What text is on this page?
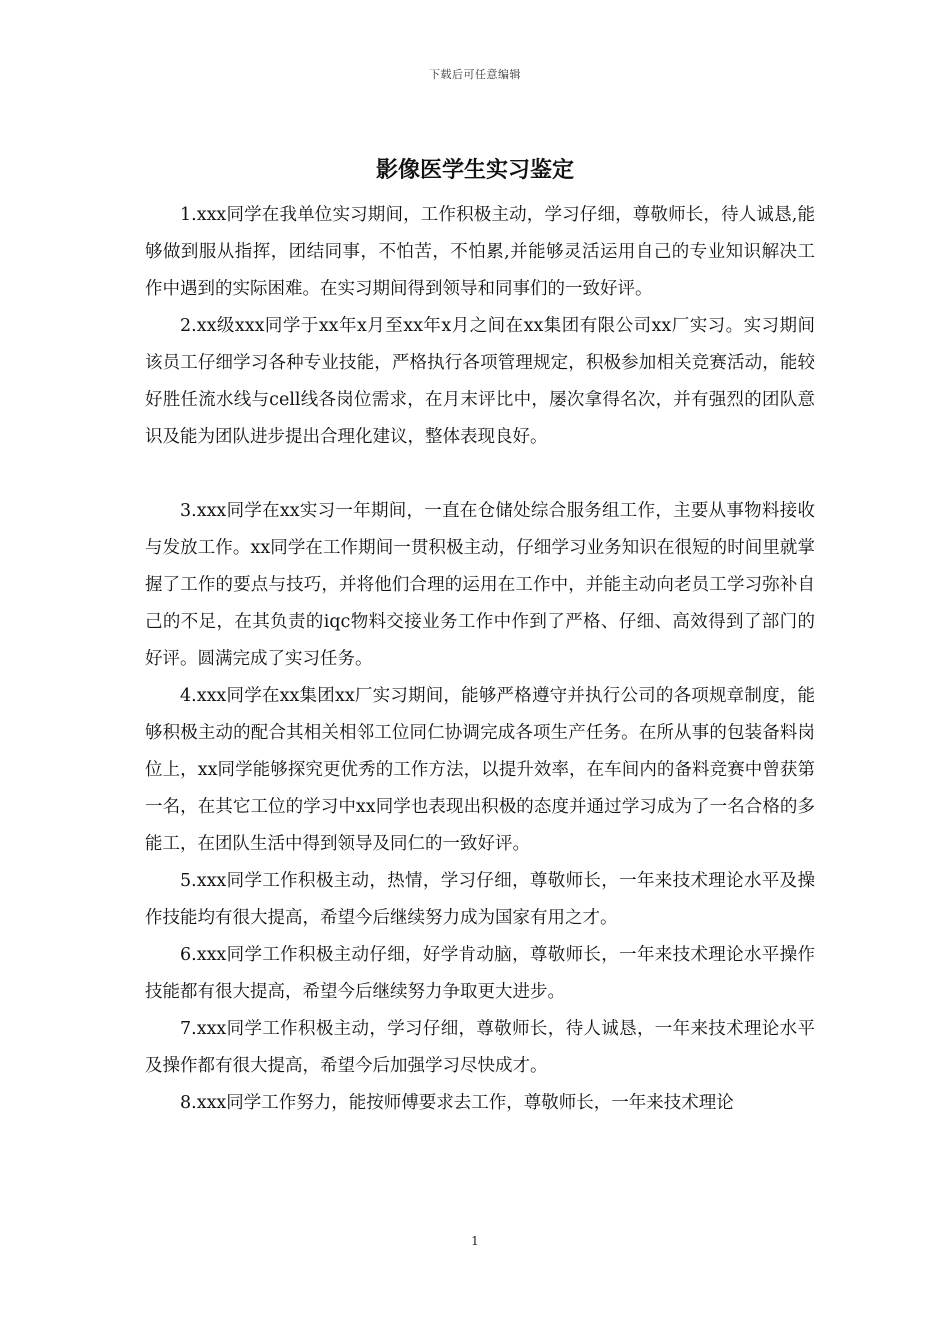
下载后可任意编辑
影像医学生实习鉴定

1.xxx同学在我单位实习期间，工作积极主动，学习仔细，尊敬师长，待人诚恳,能够做到服从指挥，团结同事，不怕苦，不怕累,并能够灵活运用自己的专业知识解决工作中遇到的实际困难。在实习期间得到领导和同事们的一致好评。

2.xx级xxx同学于xx年x月至xx年x月之间在xx集团有限公司xx厂实习。实习期间该员工仔细学习各种专业技能，严格执行各项管理规定，积极参加相关竞赛活动，能较好胜任流水线与cell线各岗位需求，在月末评比中，屡次拿得名次，并有强烈的团队意识及能为团队进步提出合理化建议，整体表现良好。

3.xxx同学在xx实习一年期间，一直在仓储处综合服务组工作，主要从事物料接收与发放工作。xx同学在工作期间一贯积极主动，仔细学习业务知识在很短的时间里就掌握了工作的要点与技巧，并将他们合理的运用在工作中，并能主动向老员工学习弥补自己的不足，在其负责的iqc物料交接业务工作中作到了严格、仔细、高效得到了部门的好评。圆满完成了实习任务。

4.xxx同学在xx集团xx厂实习期间，能够严格遵守并执行公司的各项规章制度，能够积极主动的配合其相关相邻工位同仁协调完成各项生产任务。在所从事的包装备料岗位上，xx同学能够探究更优秀的工作方法，以提升效率，在车间内的备料竞赛中曾获第一名，在其它工位的学习中xx同学也表现出积极的态度并通过学习成为了一名合格的多能工，在团队生活中得到领导及同仁的一致好评。

5.xxx同学工作积极主动，热情，学习仔细，尊敬师长，一年来技术理论水平及操作技能均有很大提高，希望今后继续努力成为国家有用之才。

6.xxx同学工作积极主动仔细，好学肯动脑，尊敬师长，一年来技术理论水平操作技能都有很大提高，希望今后继续努力争取更大进步。

7.xxx同学工作积极主动，学习仔细，尊敬师长，待人诚恳，一年来技术理论水平及操作都有很大提高，希望今后加强学习尽快成才。

8.xxx同学工作努力，能按师傅要求去工作，尊敬师长，一年来技术理论

1
